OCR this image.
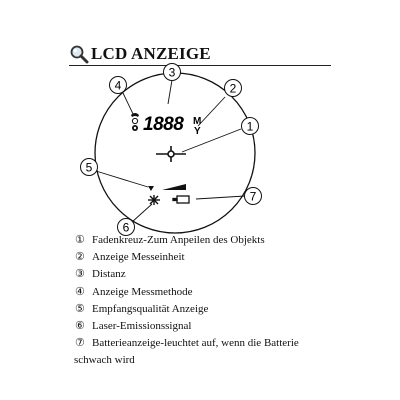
LCD ANZEIGE
3
2
4
1
5
6
7
1888 M
Y
① Fadenkreuz-Zum Anpeilen des Objekts
② Anzeige Messeinheit
③ Distanz
④ Anzeige Messmethode
⑤ Empfangsqualität Anzeige
⑥ Laser-Emissionssignal
⑦ Batterieanzeige-leuchtet auf, wenn die Batterie
schwach wird
